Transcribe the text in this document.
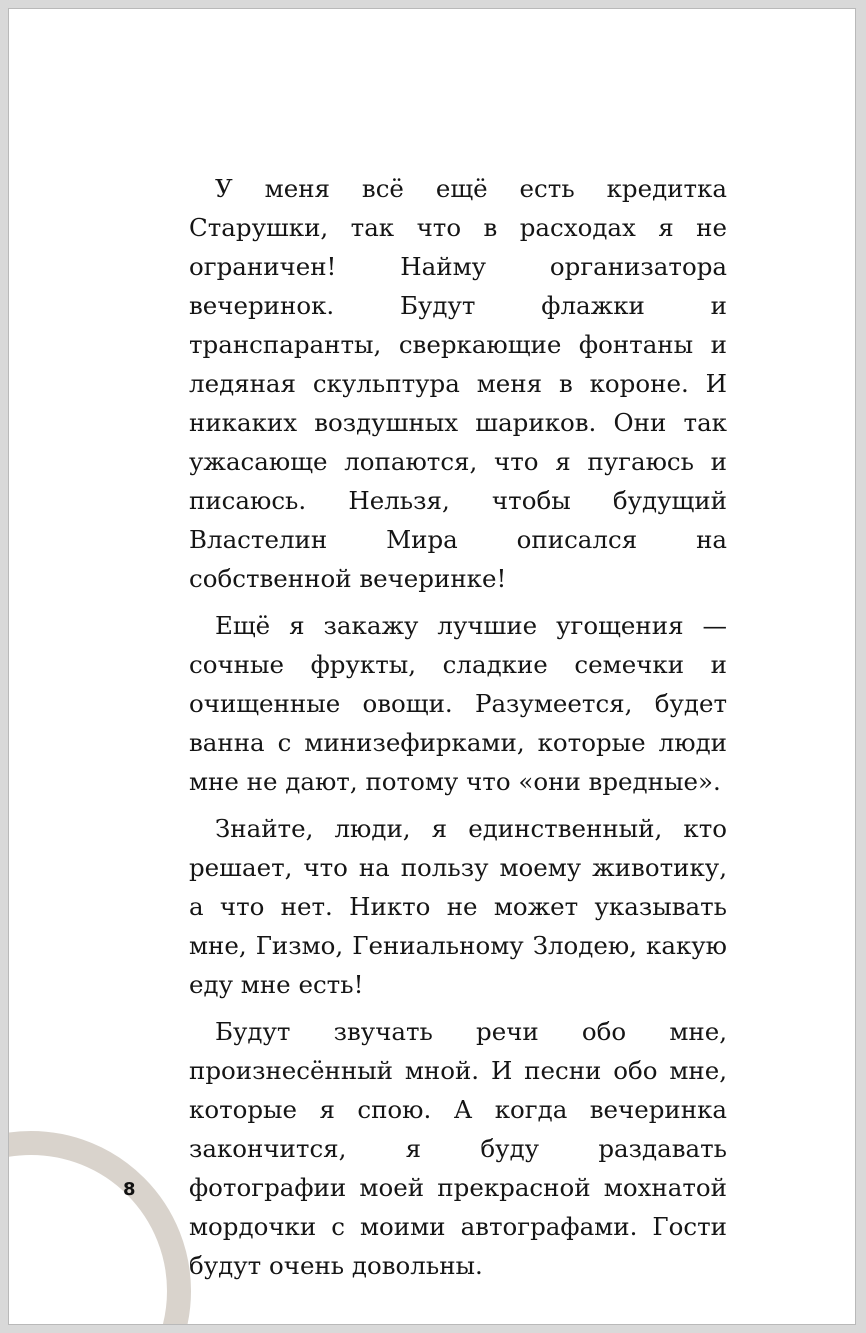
8

У меня всё ещё есть кредитка Старушки, так что в расходах я не ограничен! Найму организатора вечеринок. Будут флажки и транспаранты, сверкающие фонтаны и ледяная скульптура меня в короне. И никаких воздушных шариков. Они так ужасающе лопаются, что я пугаюсь и писаюсь. Нельзя, чтобы будущий Властелин Мира описался на собственной вечеринке!

Ещё я закажу лучшие угощения — сочные фрукты, сладкие семечки и очищенные овощи. Разумеется, будет ванна с минизефирками, которые люди мне не дают, потому что «они вредные».

Знайте, люди, я единственный, кто решает, что на пользу моему животику, а что нет. Никто не может указывать мне, Гизмо, Гениальному Злодею, какую еду мне есть!

Будут звучать речи обо мне, произнесённый мной. И песни обо мне, которые я спою. А когда вечеринка закончится, я буду раздавать фотографии моей прекрасной мохнатой мордочки с моими автографами. Гости будут очень довольны.
